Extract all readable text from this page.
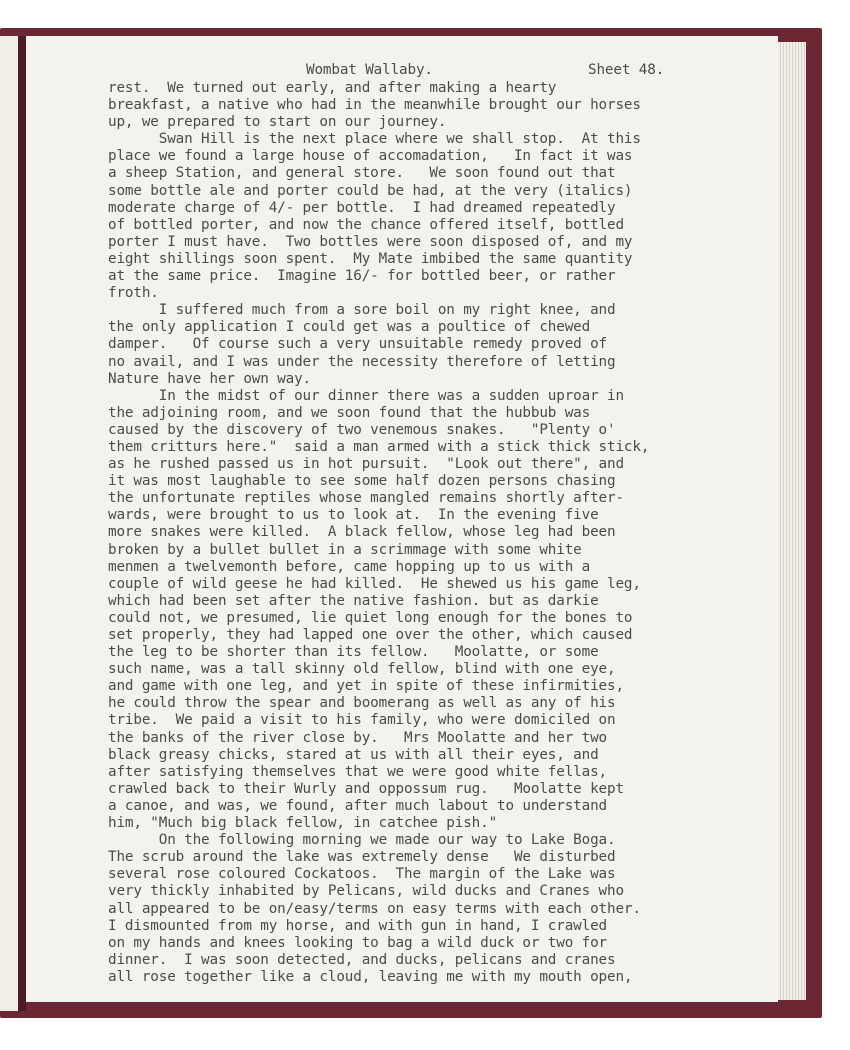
Wombat Wallaby.	Sheet 48.
rest.  We turned out early, and after making a hearty
breakfast, a native who had in the meanwhile brought our horses
up, we prepared to start on our journey.
Swan Hill is the next place where we shall stop.  At this
place we found a large house of accomadation,   In fact it was
a sheep Station, and general store.   We soon found out that
some bottle ale and porter could be had, at the very (italics)
moderate charge of 4/- per bottle.  I had dreamed repeatedly
of bottled porter, and now the chance offered itself, bottled
porter I must have.  Two bottles were soon disposed of, and my
eight shillings soon spent.  My Mate imbibed the same quantity
at the same price.  Imagine 16/- for bottled beer, or rather
froth.
I suffered much from a sore boil on my right knee, and
the only application I could get was a poultice of chewed
damper.   Of course such a very unsuitable remedy proved of
no avail, and I was under the necessity therefore of letting
Nature have her own way.
In the midst of our dinner there was a sudden uproar in
the adjoining room, and we soon found that the hubbub was
caused by the discovery of two venemous snakes.   "Plenty o'
them critturs here."  said a man armed with a stick thick stick,
as he rushed passed us in hot pursuit.  "Look out there", and
it was most laughable to see some half dozen persons chasing
the unfortunate reptiles whose mangled remains shortly after-
wards, were brought to us to look at.  In the evening five
more snakes were killed.  A black fellow, whose leg had been
broken by a bullet bullet in a scrimmage with some white
menmen a twelvemonth before, came hopping up to us with a
couple of wild geese he had killed.  He shewed us his game leg,
which had been set after the native fashion. but as darkie
could not, we presumed, lie quiet long enough for the bones to
set properly, they had lapped one over the other, which caused
the leg to be shorter than its fellow.   Moolatte, or some
such name, was a tall skinny old fellow, blind with one eye,
and game with one leg, and yet in spite of these infirmities,
he could throw the spear and boomerang as well as any of his
tribe.  We paid a visit to his family, who were domiciled on
the banks of the river close by.   Mrs Moolatte and her two
black greasy chicks, stared at us with all their eyes, and
after satisfying themselves that we were good white fellas,
crawled back to their Wurly and oppossum rug.   Moolatte kept
a canoe, and was, we found, after much labout to understand
him, "Much big black fellow, in catchee pish."
On the following morning we made our way to Lake Boga.
The scrub around the lake was extremely dense   We disturbed
several rose coloured Cockatoos.  The margin of the Lake was
very thickly inhabited by Pelicans, wild ducks and Cranes who
all appeared to be on/easy/terms on easy terms with each other.
I dismounted from my horse, and with gun in hand, I crawled
on my hands and knees looking to bag a wild duck or two for
dinner.  I was soon detected, and ducks, pelicans and cranes
all rose together like a cloud, leaving me with my mouth open,
